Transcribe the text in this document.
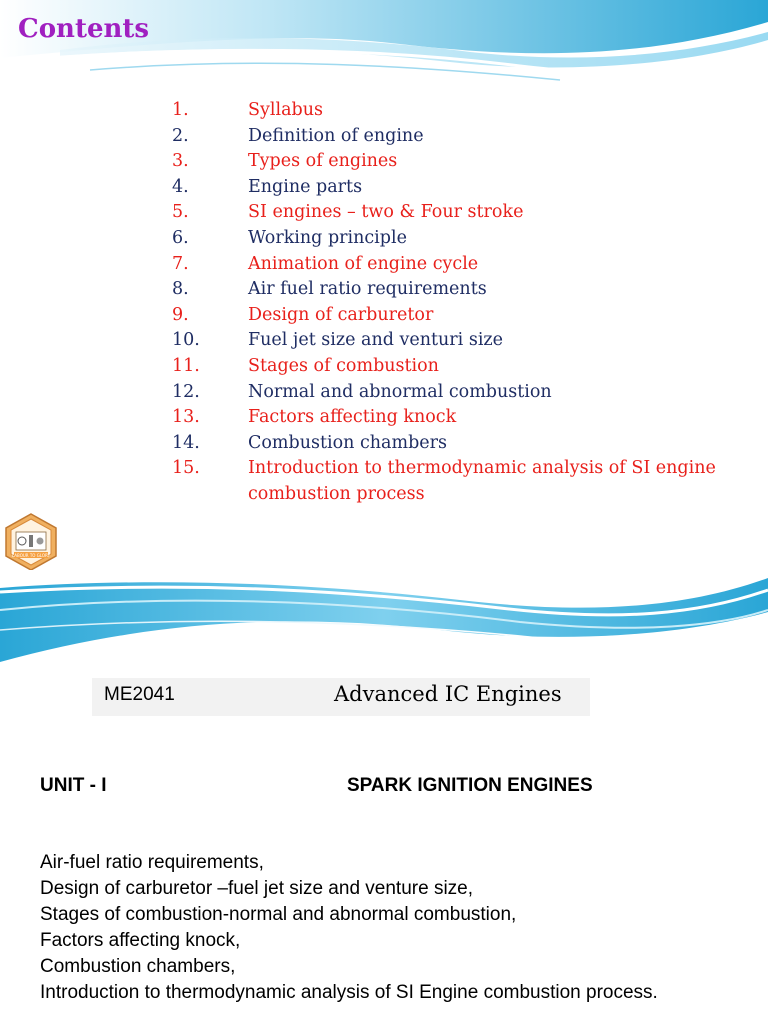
Contents
1.	Syllabus
2.	Definition of engine
3.	Types of engines
4.	Engine parts
5.	SI engines – two & Four stroke
6.	Working principle
7.	Animation of engine cycle
8.	Air fuel ratio requirements
9.	Design of carburetor
10.	Fuel jet size and venturi size
11.	Stages of combustion
12.	Normal and abnormal combustion
13.	Factors affecting knock
14.	Combustion chambers
15.	Introduction to thermodynamic analysis of SI engine combustion process
LABOUR TO GLORY
ME2041	Advanced IC Engines
UNIT - I	SPARK IGNITION ENGINES
Air-fuel ratio requirements,
Design of carburetor –fuel jet size and venture size,
Stages of combustion-normal and abnormal combustion,
Factors affecting knock,
Combustion chambers,
Introduction to thermodynamic analysis of SI Engine combustion process.
